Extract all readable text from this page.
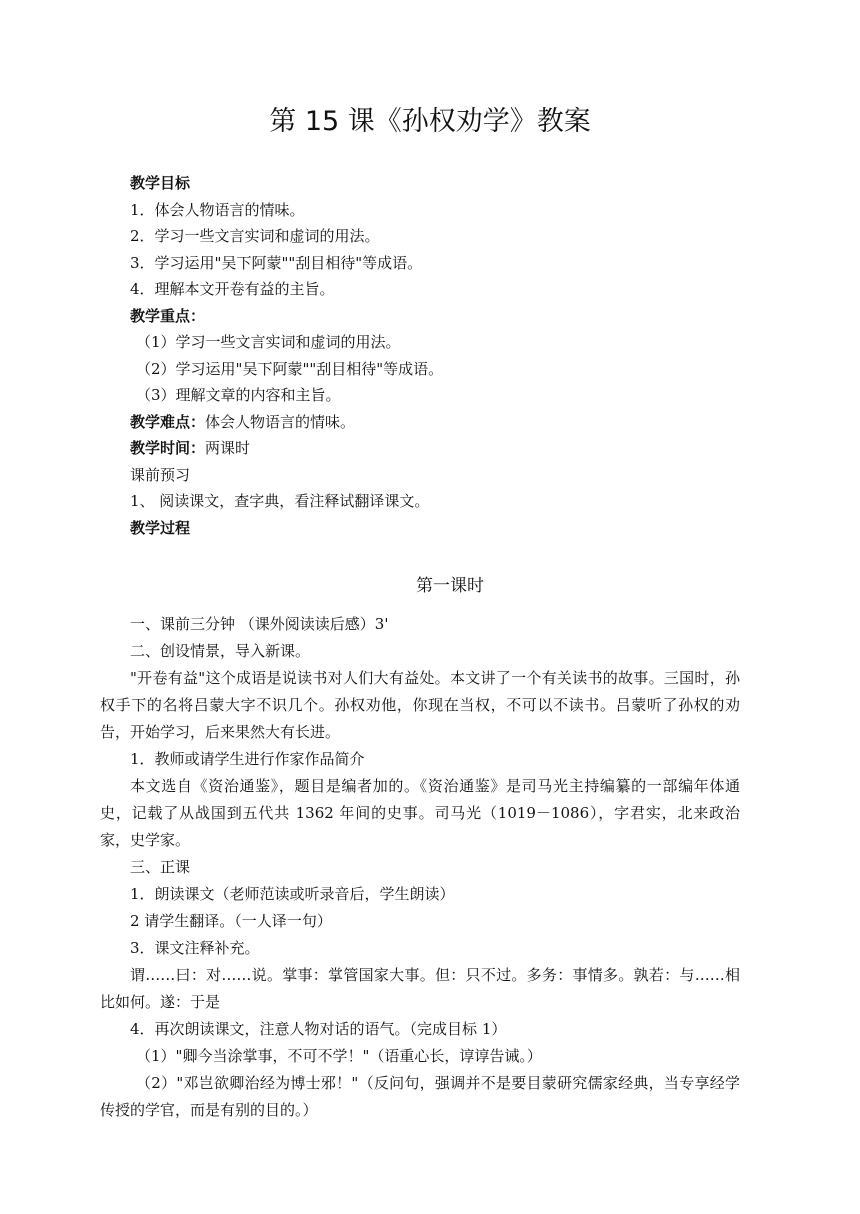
第 15 课《孙权劝学》教案
教学目标
1．体会人物语言的情味。
2．学习一些文言实词和虚词的用法。
3．学习运用"吴下阿蒙""刮目相待"等成语。
4．理解本文开卷有益的主旨。
教学重点：
（1）学习一些文言实词和虚词的用法。
（2）学习运用"吴下阿蒙""刮目相待"等成语。
（3）理解文章的内容和主旨。
教学难点：体会人物语言的情味。
教学时间：两课时
课前预习
1、 阅读课文，查字典，看注释试翻译课文。
教学过程
第一课时
一、课前三分钟 （课外阅读读后感）3'
二、创设情景，导入新课。
"开卷有益"这个成语是说读书对人们大有益处。本文讲了一个有关读书的故事。三国时，孙权手下的名将吕蒙大字不识几个。孙权劝他，你现在当权，不可以不读书。吕蒙听了孙权的劝告，开始学习，后来果然大有长进。
1．教师或请学生进行作家作品简介
本文选自《资治通鉴》，题目是编者加的。《资治通鉴》是司马光主持编纂的一部编年体通史，记载了从战国到五代共 1362 年间的史事。司马光（1019－1086），字君实，北来政治家，史学家。
三、正课
1．朗读课文（老师范读或听录音后，学生朗读）
2 请学生翻译。（一人译一句）
3．课文注释补充。
谓……曰：对……说。掌事：掌管国家大事。但：只不过。多务：事情多。孰若：与……相比如何。遂：于是
4．再次朗读课文，注意人物对话的语气。（完成目标 1）
（1）"卿今当涂掌事，不可不学！"（语重心长，谆谆告诫。）
（2）"邓岂欲卿治经为博士邪！"（反问句，强调并不是要目蒙研究儒家经典，当专享经学传授的学官，而是有别的目的。）
